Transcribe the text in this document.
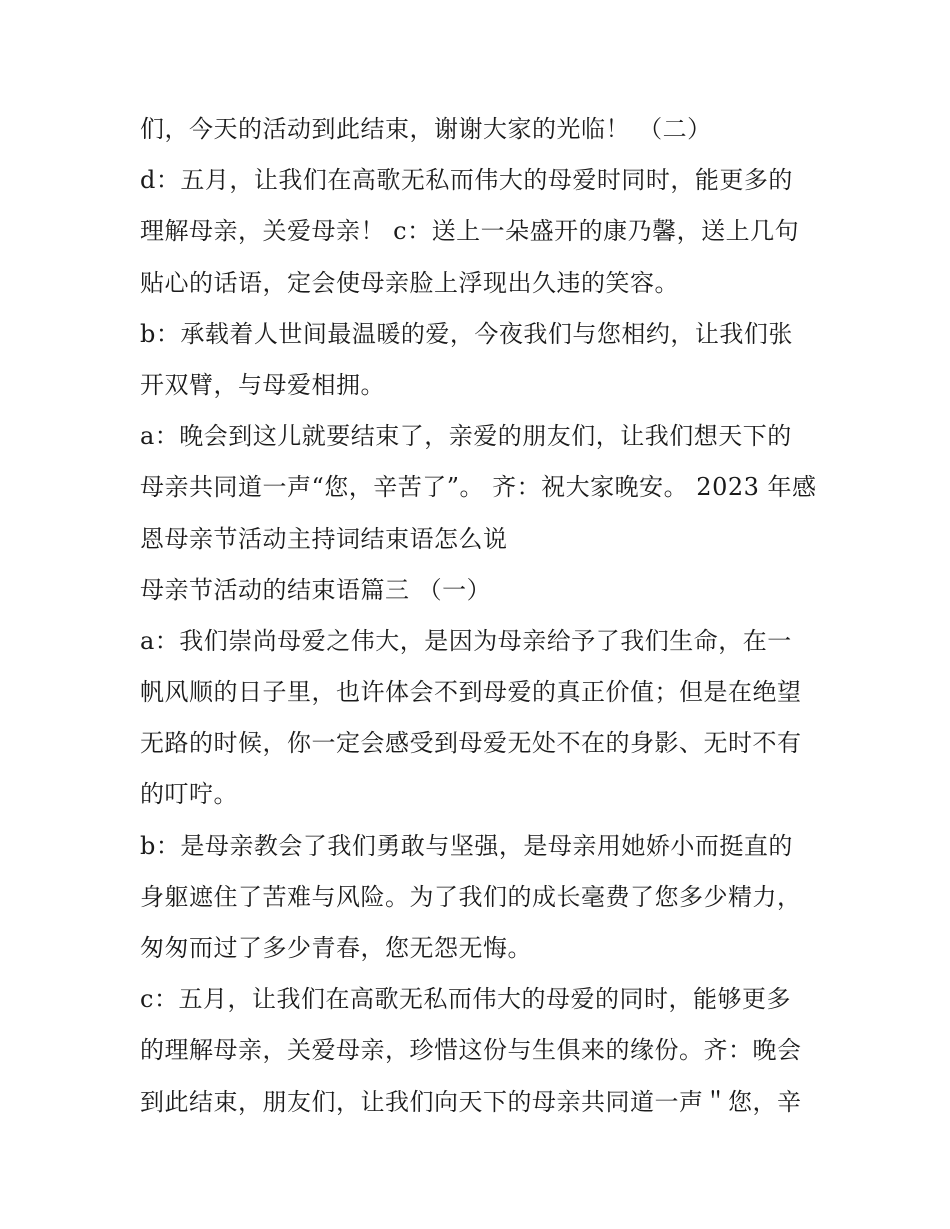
们，今天的活动到此结束，谢谢大家的光临！ （二）
d：五月，让我们在高歌无私而伟大的母爱时同时，能更多的
理解母亲，关爱母亲！ c：送上一朵盛开的康乃馨，送上几句
贴心的话语，定会使母亲脸上浮现出久违的笑容。
b：承载着人世间最温暖的爱，今夜我们与您相约，让我们张
开双臂，与母爱相拥。
a：晚会到这儿就要结束了，亲爱的朋友们，让我们想天下的
母亲共同道一声“您，辛苦了”。 齐：祝大家晚安。 2023 年感
恩母亲节活动主持词结束语怎么说
母亲节活动的结束语篇三 （一）
a：我们崇尚母爱之伟大，是因为母亲给予了我们生命，在一
帆风顺的日子里，也许体会不到母爱的真正价值；但是在绝望
无路的时候，你一定会感受到母爱无处不在的身影、无时不有
的叮咛。
b：是母亲教会了我们勇敢与坚强，是母亲用她娇小而挺直的
身躯遮住了苦难与风险。为了我们的成长毫费了您多少精力，
匆匆而过了多少青春，您无怨无悔。
c：五月，让我们在高歌无私而伟大的母爱的同时，能够更多
的理解母亲，关爱母亲，珍惜这份与生俱来的缘份。齐：晚会
到此结束，朋友们，让我们向天下的母亲共同道一声＂您，辛
